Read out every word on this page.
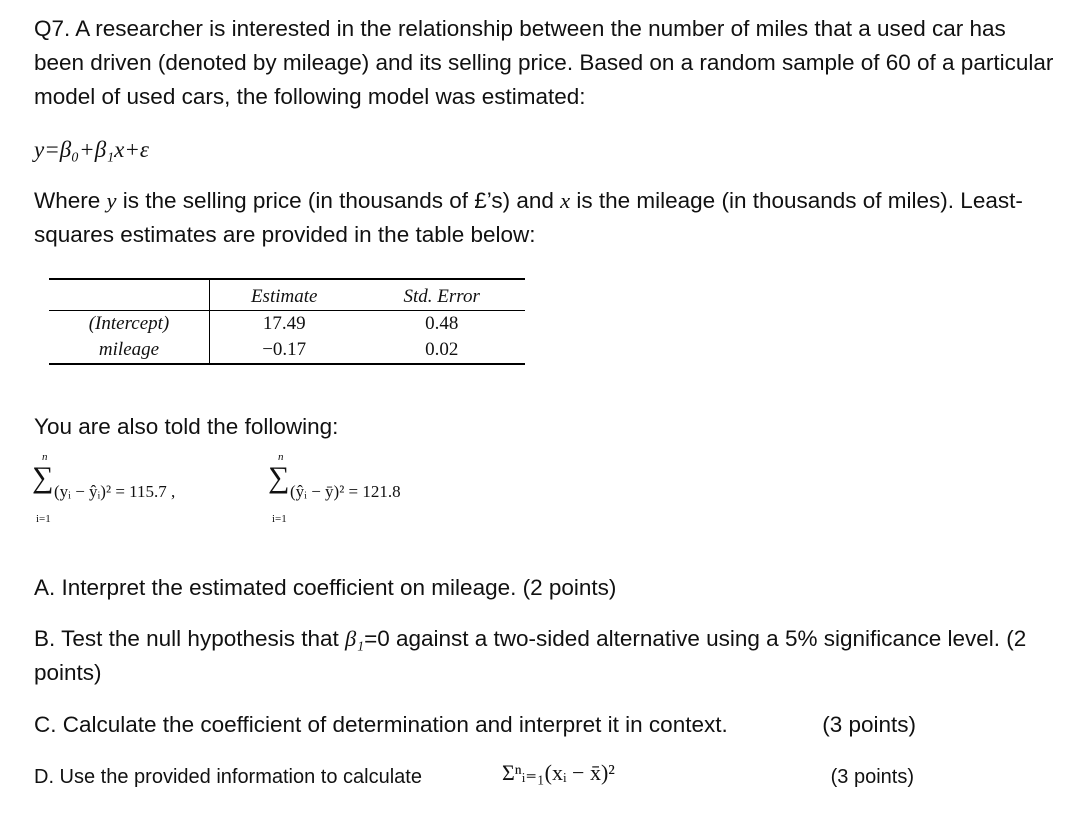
Q7. A researcher is interested in the relationship between the number of miles that a used car has been driven (denoted by mileage) and its selling price. Based on a random sample of 60 of a particular model of used cars, the following model was estimated:
y=β₀+β₁x+ε
Where y is the selling price (in thousands of £’s) and x is the mileage (in thousands of miles). Least-squares estimates are provided in the table below:
	Estimate	Std. Error
(Intercept)	17.49	0.48
mileage	−0.17	0.02
You are also told the following:
n
∑
i=1
(yᵢ − ŷᵢ)² = 115.7 ,
n
∑
i=1
(ŷᵢ − ȳ)² = 121.8
A. Interpret the estimated coefficient on mileage. (2 points)
B. Test the null hypothesis that β₁=0 against a two-sided alternative using a 5% significance level. (2 points)
C. Calculate the coefficient of determination and interpret it in context.	(3 points)
D. Use the provided information to calculate	Σⁿᵢ₌₁(xᵢ − x̄)²	(3 points)
